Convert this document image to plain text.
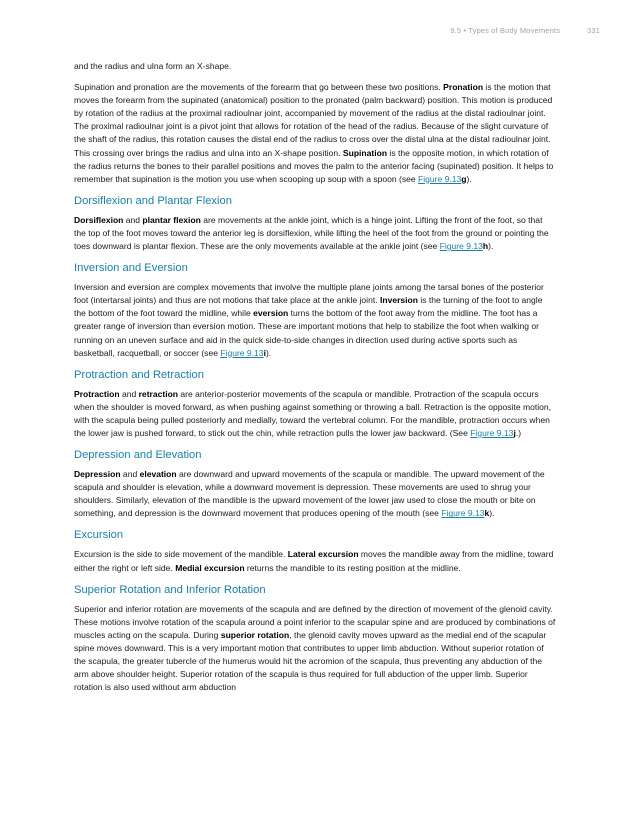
9.5 • Types of Body Movements	331

and the radius and ulna form an X-shape.

Supination and pronation are the movements of the forearm that go between these two positions. Pronation is the motion that moves the forearm from the supinated (anatomical) position to the pronated (palm backward) position. This motion is produced by rotation of the radius at the proximal radioulnar joint, accompanied by movement of the radius at the distal radioulnar joint. The proximal radioulnar joint is a pivot joint that allows for rotation of the head of the radius. Because of the slight curvature of the shaft of the radius, this rotation causes the distal end of the radius to cross over the distal ulna at the distal radioulnar joint. This crossing over brings the radius and ulna into an X-shape position. Supination is the opposite motion, in which rotation of the radius returns the bones to their parallel positions and moves the palm to the anterior facing (supinated) position. It helps to remember that supination is the motion you use when scooping up soup with a spoon (see Figure 9.13g).

Dorsiflexion and Plantar Flexion

Dorsiflexion and plantar flexion are movements at the ankle joint, which is a hinge joint. Lifting the front of the foot, so that the top of the foot moves toward the anterior leg is dorsiflexion, while lifting the heel of the foot from the ground or pointing the toes downward is plantar flexion. These are the only movements available at the ankle joint (see Figure 9.13h).

Inversion and Eversion

Inversion and eversion are complex movements that involve the multiple plane joints among the tarsal bones of the posterior foot (intertarsal joints) and thus are not motions that take place at the ankle joint. Inversion is the turning of the foot to angle the bottom of the foot toward the midline, while eversion turns the bottom of the foot away from the midline. The foot has a greater range of inversion than eversion motion. These are important motions that help to stabilize the foot when walking or running on an uneven surface and aid in the quick side-to-side changes in direction used during active sports such as basketball, racquetball, or soccer (see Figure 9.13i).

Protraction and Retraction

Protraction and retraction are anterior-posterior movements of the scapula or mandible. Protraction of the scapula occurs when the shoulder is moved forward, as when pushing against something or throwing a ball. Retraction is the opposite motion, with the scapula being pulled posteriorly and medially, toward the vertebral column. For the mandible, protraction occurs when the lower jaw is pushed forward, to stick out the chin, while retraction pulls the lower jaw backward. (See Figure 9.13j.)

Depression and Elevation

Depression and elevation are downward and upward movements of the scapula or mandible. The upward movement of the scapula and shoulder is elevation, while a downward movement is depression. These movements are used to shrug your shoulders. Similarly, elevation of the mandible is the upward movement of the lower jaw used to close the mouth or bite on something, and depression is the downward movement that produces opening of the mouth (see Figure 9.13k).

Excursion

Excursion is the side to side movement of the mandible. Lateral excursion moves the mandible away from the midline, toward either the right or left side. Medial excursion returns the mandible to its resting position at the midline.

Superior Rotation and Inferior Rotation

Superior and inferior rotation are movements of the scapula and are defined by the direction of movement of the glenoid cavity. These motions involve rotation of the scapula around a point inferior to the scapular spine and are produced by combinations of muscles acting on the scapula. During superior rotation, the glenoid cavity moves upward as the medial end of the scapular spine moves downward. This is a very important motion that contributes to upper limb abduction. Without superior rotation of the scapula, the greater tubercle of the humerus would hit the acromion of the scapula, thus preventing any abduction of the arm above shoulder height. Superior rotation of the scapula is thus required for full abduction of the upper limb. Superior rotation is also used without arm abduction
